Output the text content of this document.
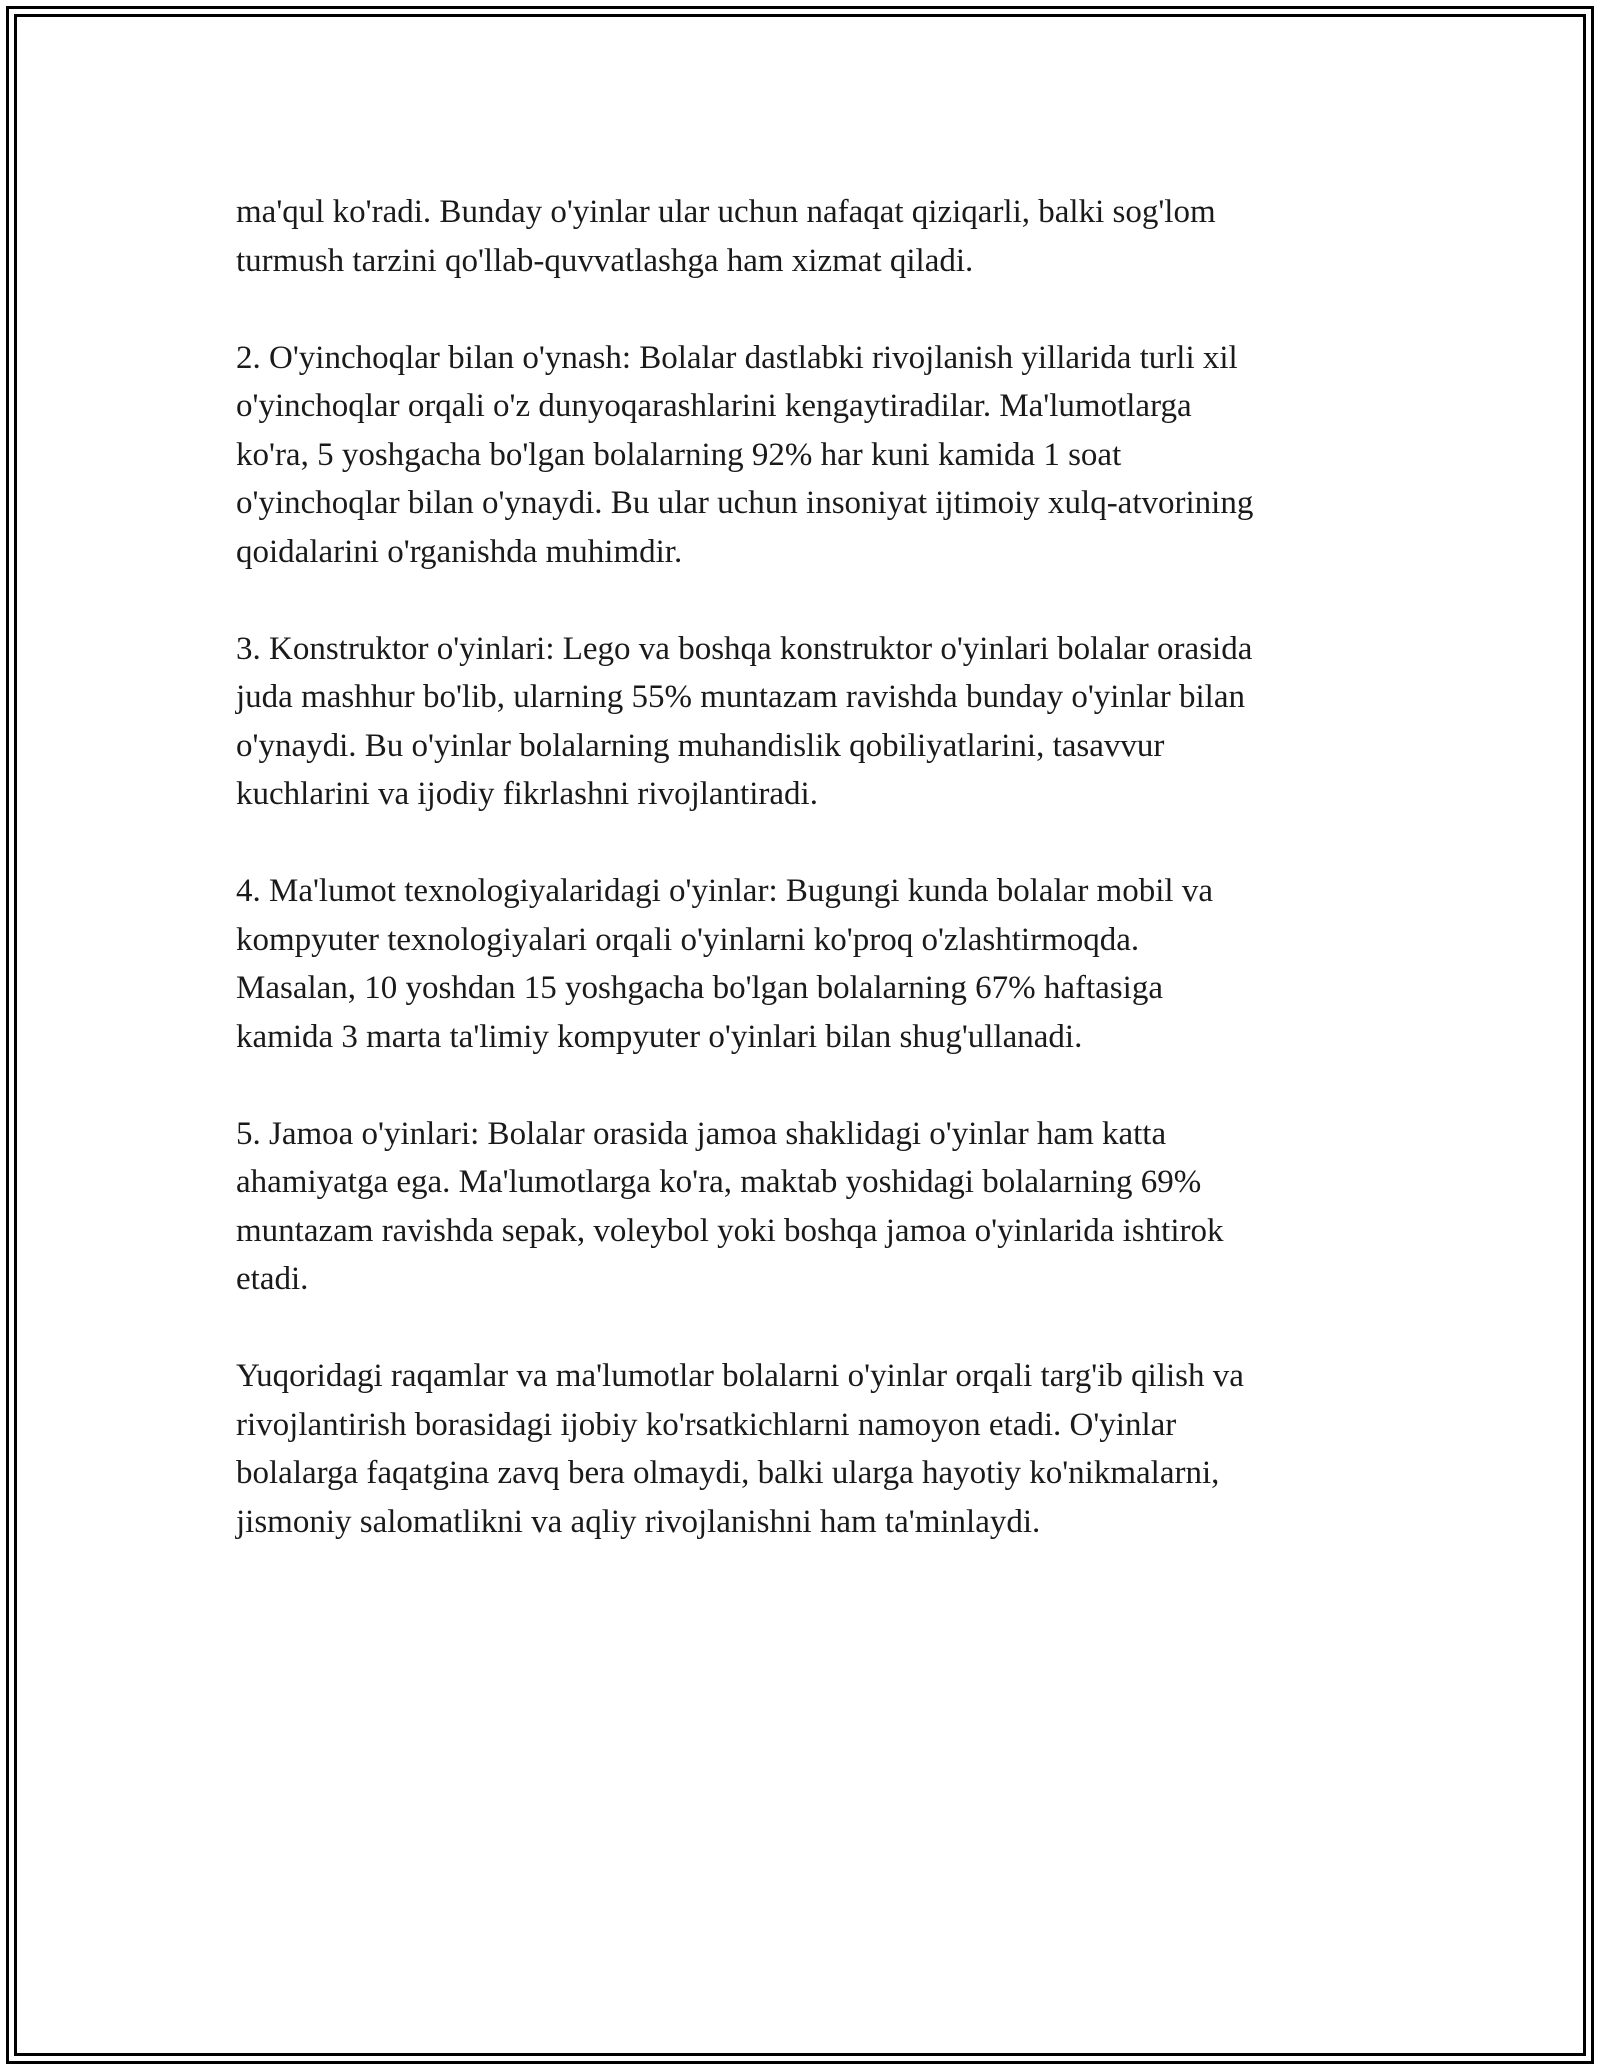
ma'qul ko'radi. Bunday o'yinlar ular uchun nafaqat qiziqarli, balki sog'lom
turmush tarzini qo'llab-quvvatlashga ham xizmat qiladi.

2. O'yinchoqlar bilan o'ynash: Bolalar dastlabki rivojlanish yillarida turli xil
o'yinchoqlar orqali o'z dunyoqarashlarini kengaytiradilar. Ma'lumotlarga
ko'ra, 5 yoshgacha bo'lgan bolalarning 92% har kuni kamida 1 soat
o'yinchoqlar bilan o'ynaydi. Bu ular uchun insoniyat ijtimoiy xulq-atvorining
qoidalarini o'rganishda muhimdir.

3. Konstruktor o'yinlari: Lego va boshqa konstruktor o'yinlari bolalar orasida
juda mashhur bo'lib, ularning 55% muntazam ravishda bunday o'yinlar bilan
o'ynaydi. Bu o'yinlar bolalarning muhandislik qobiliyatlarini, tasavvur
kuchlarini va ijodiy fikrlashni rivojlantiradi.

4. Ma'lumot texnologiyalaridagi o'yinlar: Bugungi kunda bolalar mobil va
kompyuter texnologiyalari orqali o'yinlarni ko'proq o'zlashtirmoqda.
Masalan, 10 yoshdan 15 yoshgacha bo'lgan bolalarning 67% haftasiga
kamida 3 marta ta'limiy kompyuter o'yinlari bilan shug'ullanadi.

5. Jamoa o'yinlari: Bolalar orasida jamoa shaklidagi o'yinlar ham katta
ahamiyatga ega. Ma'lumotlarga ko'ra, maktab yoshidagi bolalarning 69%
muntazam ravishda sepak, voleybol yoki boshqa jamoa o'yinlarida ishtirok
etadi.

Yuqoridagi raqamlar va ma'lumotlar bolalarni o'yinlar orqali targ'ib qilish va
rivojlantirish borasidagi ijobiy ko'rsatkichlarni namoyon etadi. O'yinlar
bolalarga faqatgina zavq bera olmaydi, balki ularga hayotiy ko'nikmalarni,
jismoniy salomatlikni va aqliy rivojlanishni ham ta'minlaydi.
